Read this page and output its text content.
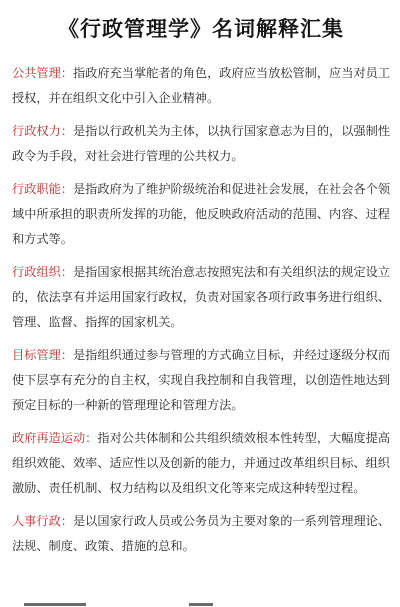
《行政管理学》名词解释汇集
公共管理：指政府充当掌舵者的角色，政府应当放松管制，应当对员工授权，并在组织文化中引入企业精神。
行政权力：是指以行政机关为主体，以执行国家意志为目的，以强制性政令为手段，对社会进行管理的公共权力。
行政职能：是指政府为了维护阶级统治和促进社会发展，在社会各个领域中所承担的职责所发挥的功能，他反映政府活动的范围、内容、过程和方式等。
行政组织：是指国家根据其统治意志按照宪法和有关组织法的规定设立的，依法享有并运用国家行政权，负责对国家各项行政事务进行组织、管理、监督、指挥的国家机关。
目标管理：是指组织通过参与管理的方式确立目标，并经过逐级分权而使下层享有充分的自主权，实现自我控制和自我管理，以创造性地达到预定目标的一种新的管理理论和管理方法。
政府再造运动：指对公共体制和公共组织绩效根本性转型，大幅度提高组织效能、效率、适应性以及创新的能力，并通过改革组织目标、组织激励、责任机制、权力结构以及组织文化等来完成这种转型过程。
人事行政：是以国家行政人员或公务员为主要对象的一系列管理理论、法规、制度、政策、措施的总和。
